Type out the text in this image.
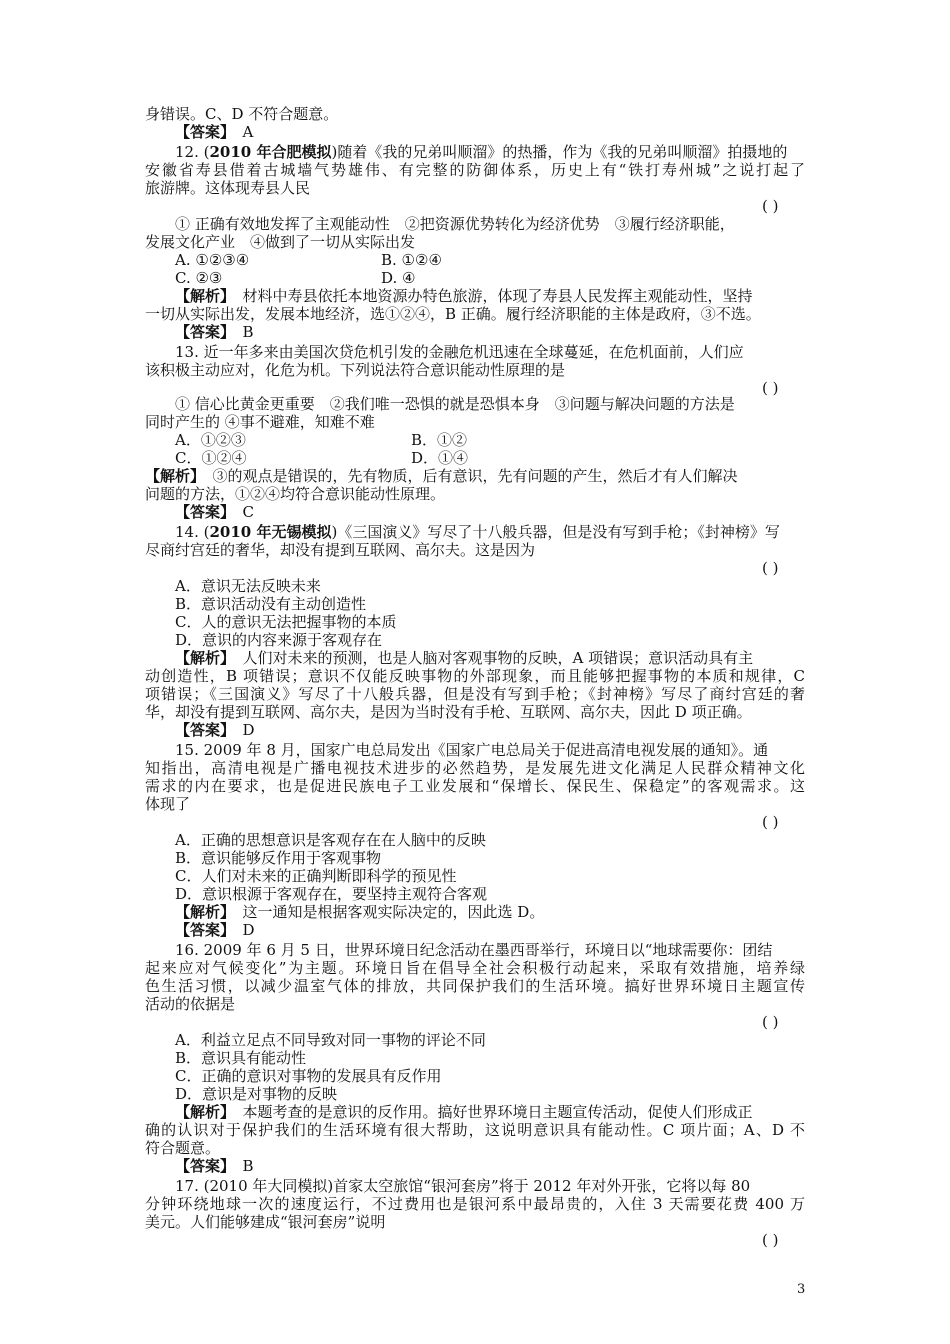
身错误。C、D 不符合题意。
【答案】　 A
12. (2010 年合肥模拟)随着《我的兄弟叫顺溜》的热播，作为《我的兄弟叫顺溜》拍摄地的
安徽省寿县借着古城墙气势雄伟、有完整的防御体系，历史上有“铁打寿州城”之说打起了
旅游牌。这体现寿县人民
( )
① 正确有效地发挥了主观能动性　②把资源优势转化为经济优势　③履行经济职能，
发展文化产业　④做到了一切从实际出发
A. ①②③④	B. ①②④
C. ②③	D. ④
【解析】　 材料中寿县依托本地资源办特色旅游，体现了寿县人民发挥主观能动性，坚持
一切从实际出发，发展本地经济，选①②④，B 正确。履行经济职能的主体是政府，③不选。
【答案】　 B
13. 近一年多来由美国次贷危机引发的金融危机迅速在全球蔓延，在危机面前，人们应
该积极主动应对，化危为机。下列说法符合意识能动性原理的是
( )
① 信心比黄金更重要　②我们唯一恐惧的就是恐惧本身　③问题与解决问题的方法是
同时产生的 ④事不避难，知难不难
A．①②③	B．①②
C．①②④	D．①④
【解析】　 ③的观点是错误的，先有物质，后有意识，先有问题的产生，然后才有人们解决
问题的方法，①②④均符合意识能动性原理。
【答案】　 C
14. (2010 年无锡模拟)《三国演义》写尽了十八般兵器，但是没有写到手枪；《封神榜》写
尽商纣宫廷的奢华，却没有提到互联网、高尔夫。这是因为
( )
A．意识无法反映未来
B．意识活动没有主动创造性
C．人的意识无法把握事物的本质
D．意识的内容来源于客观存在
【解析】　 人们对未来的预测，也是人脑对客观事物的反映，A 项错误；意识活动具有主
动创造性，B 项错误；意识不仅能反映事物的外部现象，而且能够把握事物的本质和规律，C
项错误；《三国演义》写尽了十八般兵器，但是没有写到手枪；《封神榜》写尽了商纣宫廷的奢
华，却没有提到互联网、高尔夫，是因为当时没有手枪、互联网、高尔夫，因此 D 项正确。
【答案】　 D
15. 2009 年 8 月，国家广电总局发出《国家广电总局关于促进高清电视发展的通知》。通
知指出，高清电视是广播电视技术进步的必然趋势，是发展先进文化满足人民群众精神文化
需求的内在要求，也是促进民族电子工业发展和“保增长、保民生、保稳定”的客观需求。这
体现了
( )
A．正确的思想意识是客观存在在人脑中的反映
B．意识能够反作用于客观事物
C．人们对未来的正确判断即科学的预见性
D．意识根源于客观存在，要坚持主观符合客观
【解析】　 这一通知是根据客观实际决定的，因此选 D。
【答案】　 D
16. 2009 年 6 月 5 日，世界环境日纪念活动在墨西哥举行，环境日以“地球需要你：团结
起来应对气候变化”为主题。环境日旨在倡导全社会积极行动起来，采取有效措施，培养绿
色生活习惯，以减少温室气体的排放，共同保护我们的生活环境。搞好世界环境日主题宣传
活动的依据是
( )
A．利益立足点不同导致对同一事物的评论不同
B．意识具有能动性
C．正确的意识对事物的发展具有反作用
D．意识是对事物的反映
【解析】　 本题考查的是意识的反作用。搞好世界环境日主题宣传活动，促使人们形成正
确的认识对于保护我们的生活环境有很大帮助，这说明意识具有能动性。C 项片面；A、D 不
符合题意。
【答案】　 B
17. (2010 年大同模拟)首家太空旅馆“银河套房”将于 2012 年对外开张，它将以每 80
分钟环绕地球一次的速度运行，不过费用也是银河系中最昂贵的，入住 3 天需要花费 400 万
美元。人们能够建成“银河套房”说明
( )
3
